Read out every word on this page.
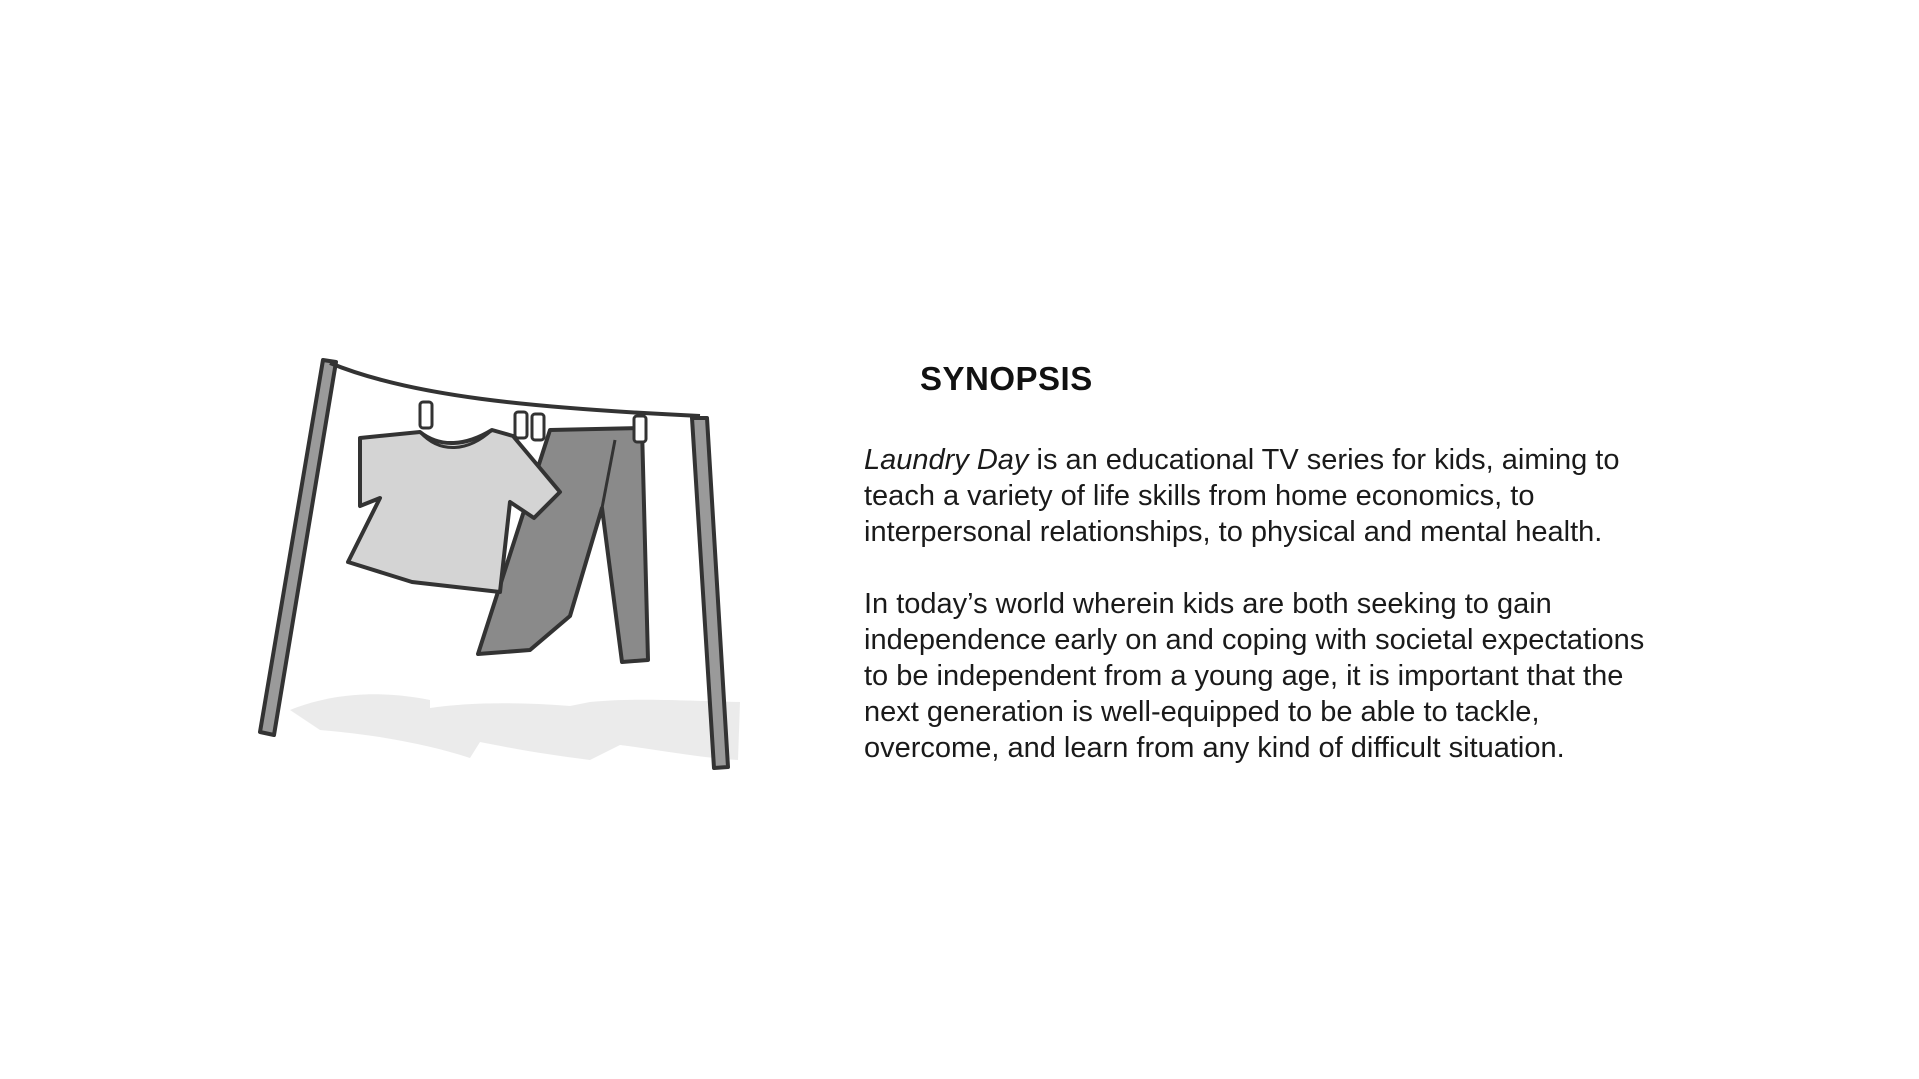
SYNOPSIS

Laundry Day is an educational TV series for kids, aiming to
teach a variety of life skills from home economics, to
interpersonal relationships, to physical and mental health.

In today’s world wherein kids are both seeking to gain
independence early on and coping with societal expectations
to be independent from a young age, it is important that the
next generation is well-equipped to be able to tackle,
overcome, and learn from any kind of difficult situation.
